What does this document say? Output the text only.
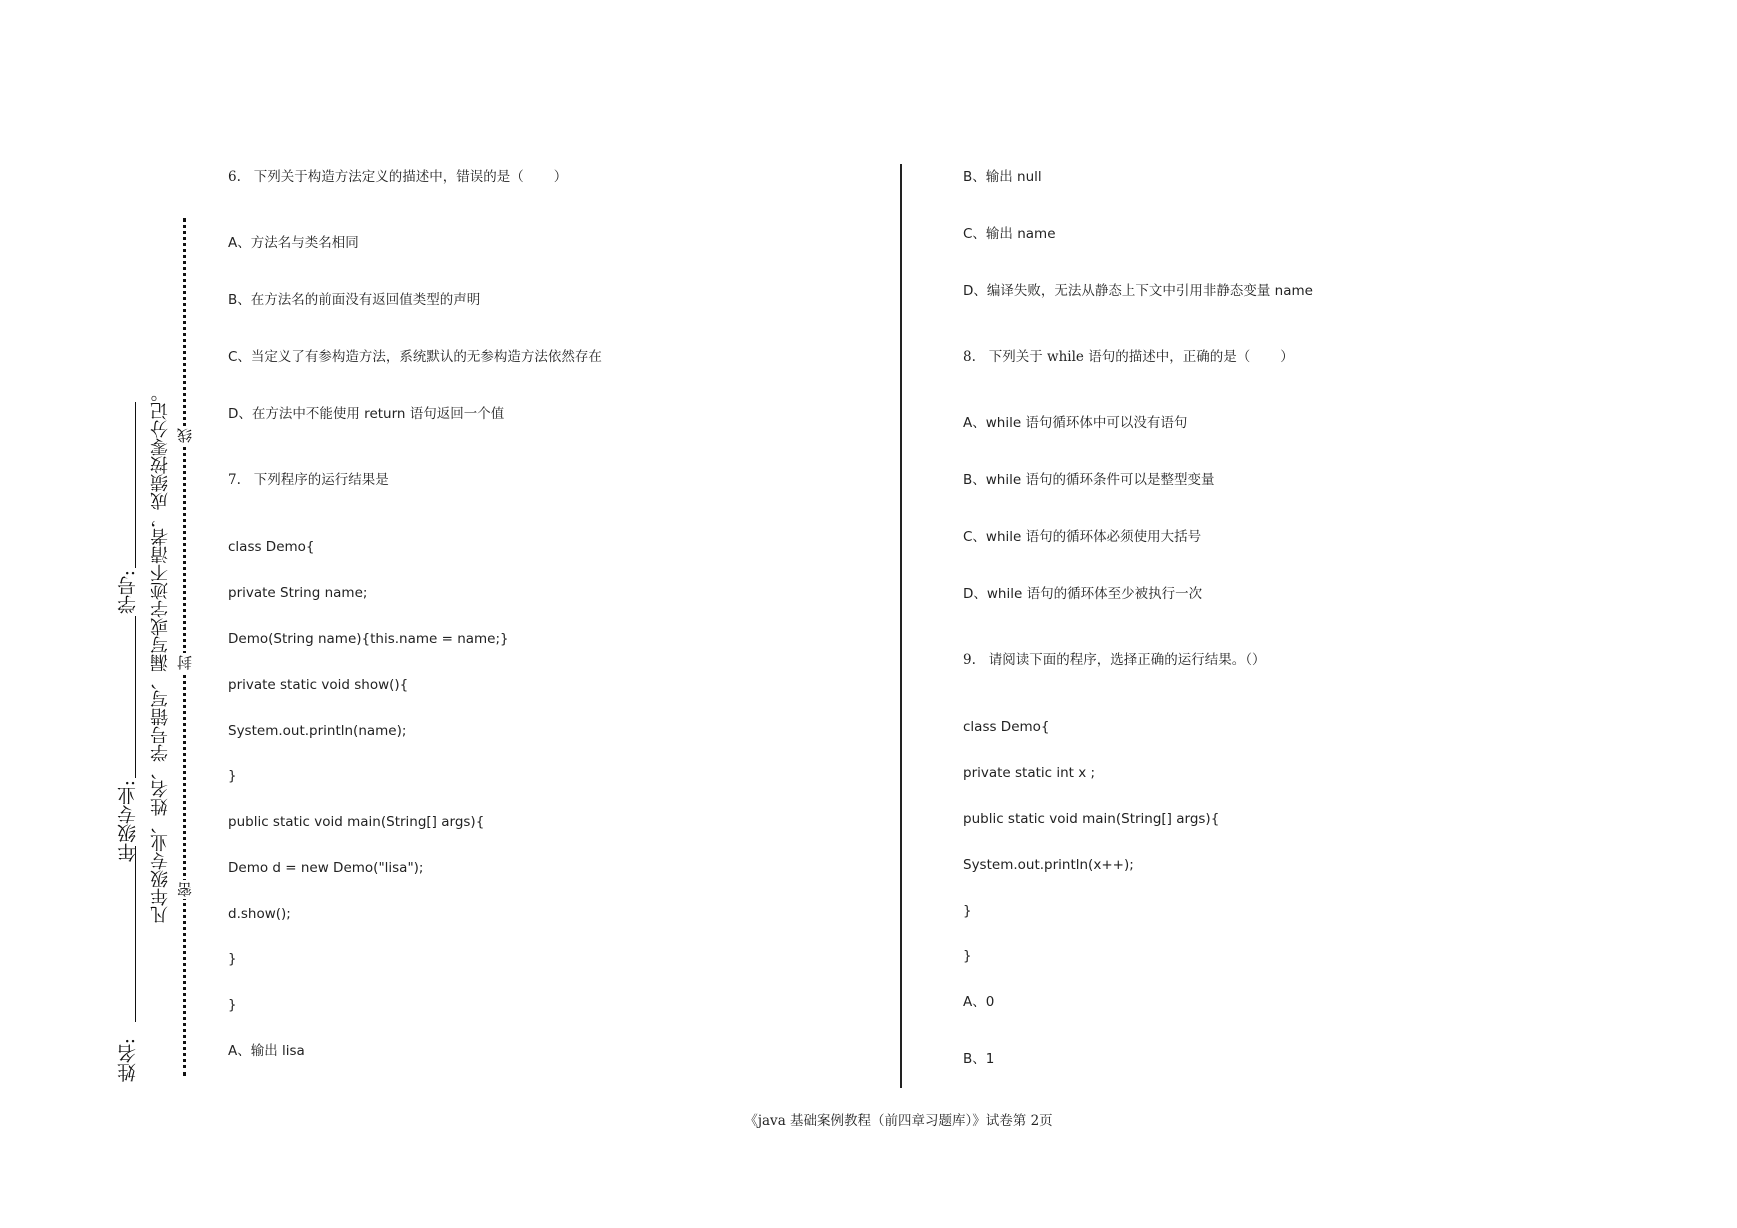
姓名:
年级专业:
学号: 凡年级专业、姓名、学号错写、漏写或字迹不清者，成绩按零分记。 密
封
线
6.   下列关于构造方法定义的描述中，错误的是（       ）
A、方法名与类名相同
B、在方法名的前面没有返回值类型的声明
C、当定义了有参构造方法，系统默认的无参构造方法依然存在
D、在方法中不能使用 return 语句返回一个值
7.   下列程序的运行结果是
class Demo{
private String name;
Demo(String name){this.name = name;}
private static void show(){
System.out.println(name);
}
public static void main(String[] args){
Demo d = new Demo("lisa");
d.show();
}
}
A、输出 lisa
B、输出 null
C、输出 name
D、编译失败，无法从静态上下文中引用非静态变量 name
8.   下列关于 while 语句的描述中，正确的是（       ）
A、while 语句循环体中可以没有语句
B、while 语句的循环条件可以是整型变量
C、while 语句的循环体必须使用大括号
D、while 语句的循环体至少被执行一次
9.   请阅读下面的程序，选择正确的运行结果。（）
class Demo{
private static int x ;
public static void main(String[] args){
System.out.println(x++);
}
}
A、0
B、1
《java 基础案例教程（前四章习题库）》试卷第 2页
